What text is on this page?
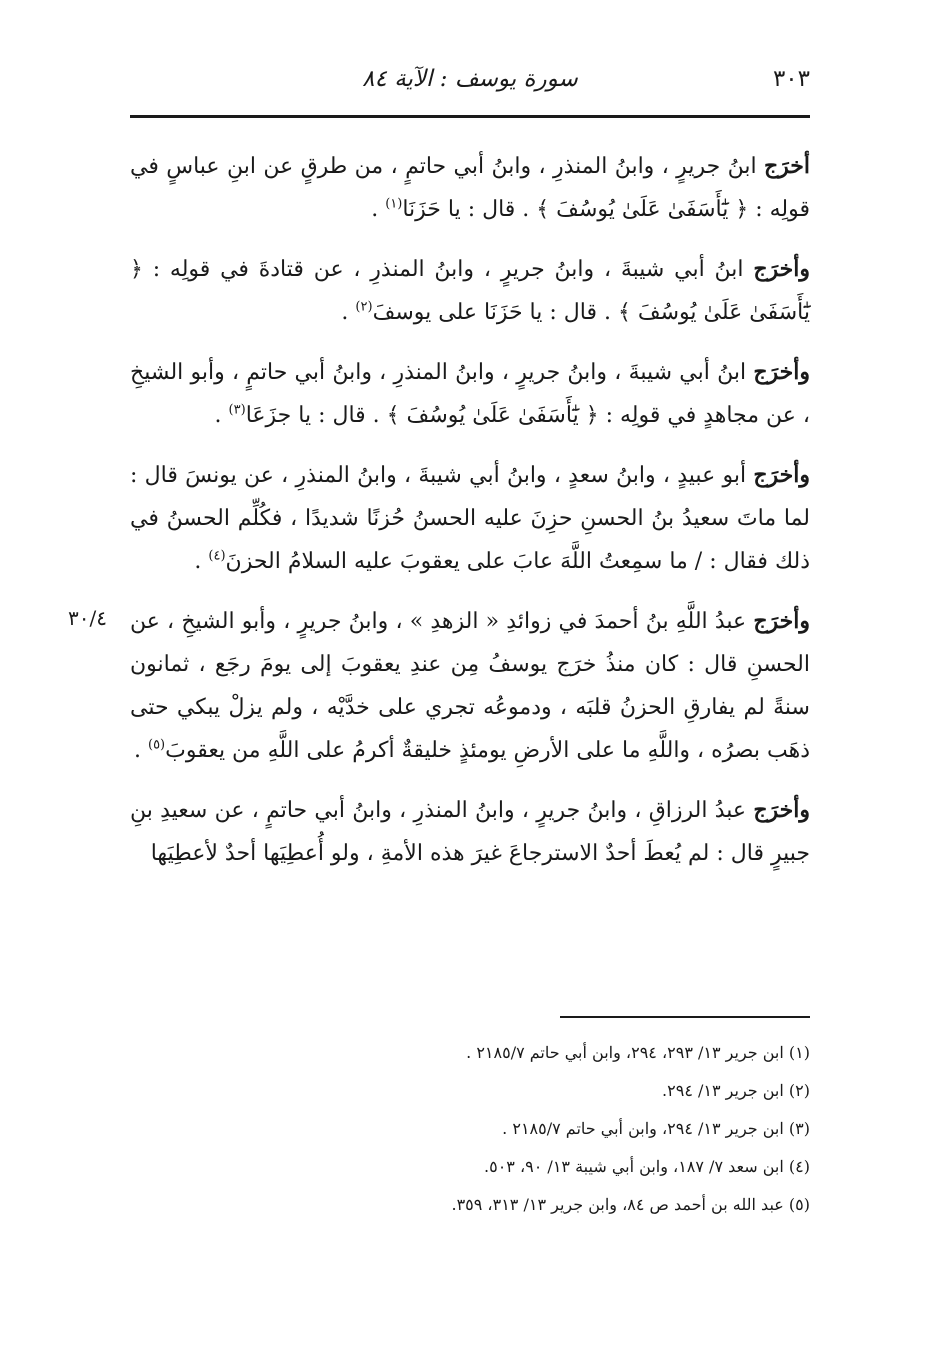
٣٠٣
سورة يوسف : الآية ٨٤
٣٠/٤

أخرَج ابنُ جريرٍ ، وابنُ المنذرِ ، وابنُ أبي حاتمٍ ، من طرقٍ عن ابنِ عباسٍ في قولِه : ﴿ يَٰٓأَسَفَىٰ عَلَىٰ يُوسُفَ ﴾ . قال : يا حَزَنَا$^{(١)}$ .

وأخرَج ابنُ أبي شيبةَ ، وابنُ جريرٍ ، وابنُ المنذرِ ، عن قتادةَ في قولِه : ﴿ يَٰٓأَسَفَىٰ عَلَىٰ يُوسُفَ ﴾ . قال : يا حَزَنَا على يوسفَ$^{(٢)}$ .

وأخرَج ابنُ أبي شيبةَ ، وابنُ جريرٍ ، وابنُ المنذرِ ، وابنُ أبي حاتمٍ ، وأبو الشيخِ ، عن مجاهدٍ في قولِه : ﴿ يَٰٓأَسَفَىٰ عَلَىٰ يُوسُفَ ﴾ . قال : يا جزَعَا$^{(٣)}$ .

وأخرَج أبو عبيدٍ ، وابنُ سعدٍ ، وابنُ أبي شيبةَ ، وابنُ المنذرِ ، عن يونسَ قال : لما ماتَ سعيدُ بنُ الحسنِ حزِنَ عليه الحسنُ حُزنًا شديدًا ، فكُلِّم الحسنُ في ذلك فقال : / ما سمِعتُ اللَّهَ عابَ على يعقوبَ عليه السلامُ الحزنَ$^{(٤)}$ .

وأخرَج عبدُ اللَّهِ بنُ أحمدَ في زوائدِ « الزهدِ » ، وابنُ جريرٍ ، وأبو الشيخِ ، عن الحسنِ قال : كان منذُ خرَج يوسفُ مِن عندِ يعقوبَ إلى يومَ رجَع ، ثمانون سنةً لم يفارقِ الحزنُ قلبَه ، ودموعُه تجري على خدَّيْه ، ولم يزلْ يبكي حتى ذهَب بصرُه ، واللَّهِ ما على الأرضِ يومئذٍ خليقةٌ أكرمُ على اللَّهِ من يعقوبَ$^{(٥)}$ .

وأخرَج عبدُ الرزاقِ ، وابنُ جريرٍ ، وابنُ المنذرِ ، وابنُ أبي حاتمٍ ، عن سعيدِ بنِ جبيرٍ قال : لم يُعطَ أحدٌ الاسترجاعَ غيرَ هذه الأمةِ ، ولو أُعطِيَها أحدٌ لأعطِيَها

(١) ابن جرير ١٣/ ٢٩٣، ٢٩٤، وابن أبي حاتم ٢١٨٥/٧ .

(٢) ابن جرير ١٣/ ٢٩٤.

(٣) ابن جرير ١٣/ ٢٩٤، وابن أبي حاتم ٢١٨٥/٧ .

(٤) ابن سعد ٧/ ١٨٧، وابن أبي شيبة ١٣/ ٩٠، ٥٠٣.

(٥) عبد الله بن أحمد ص ٨٤، وابن جرير ١٣/ ٣١٣، ٣٥٩.
